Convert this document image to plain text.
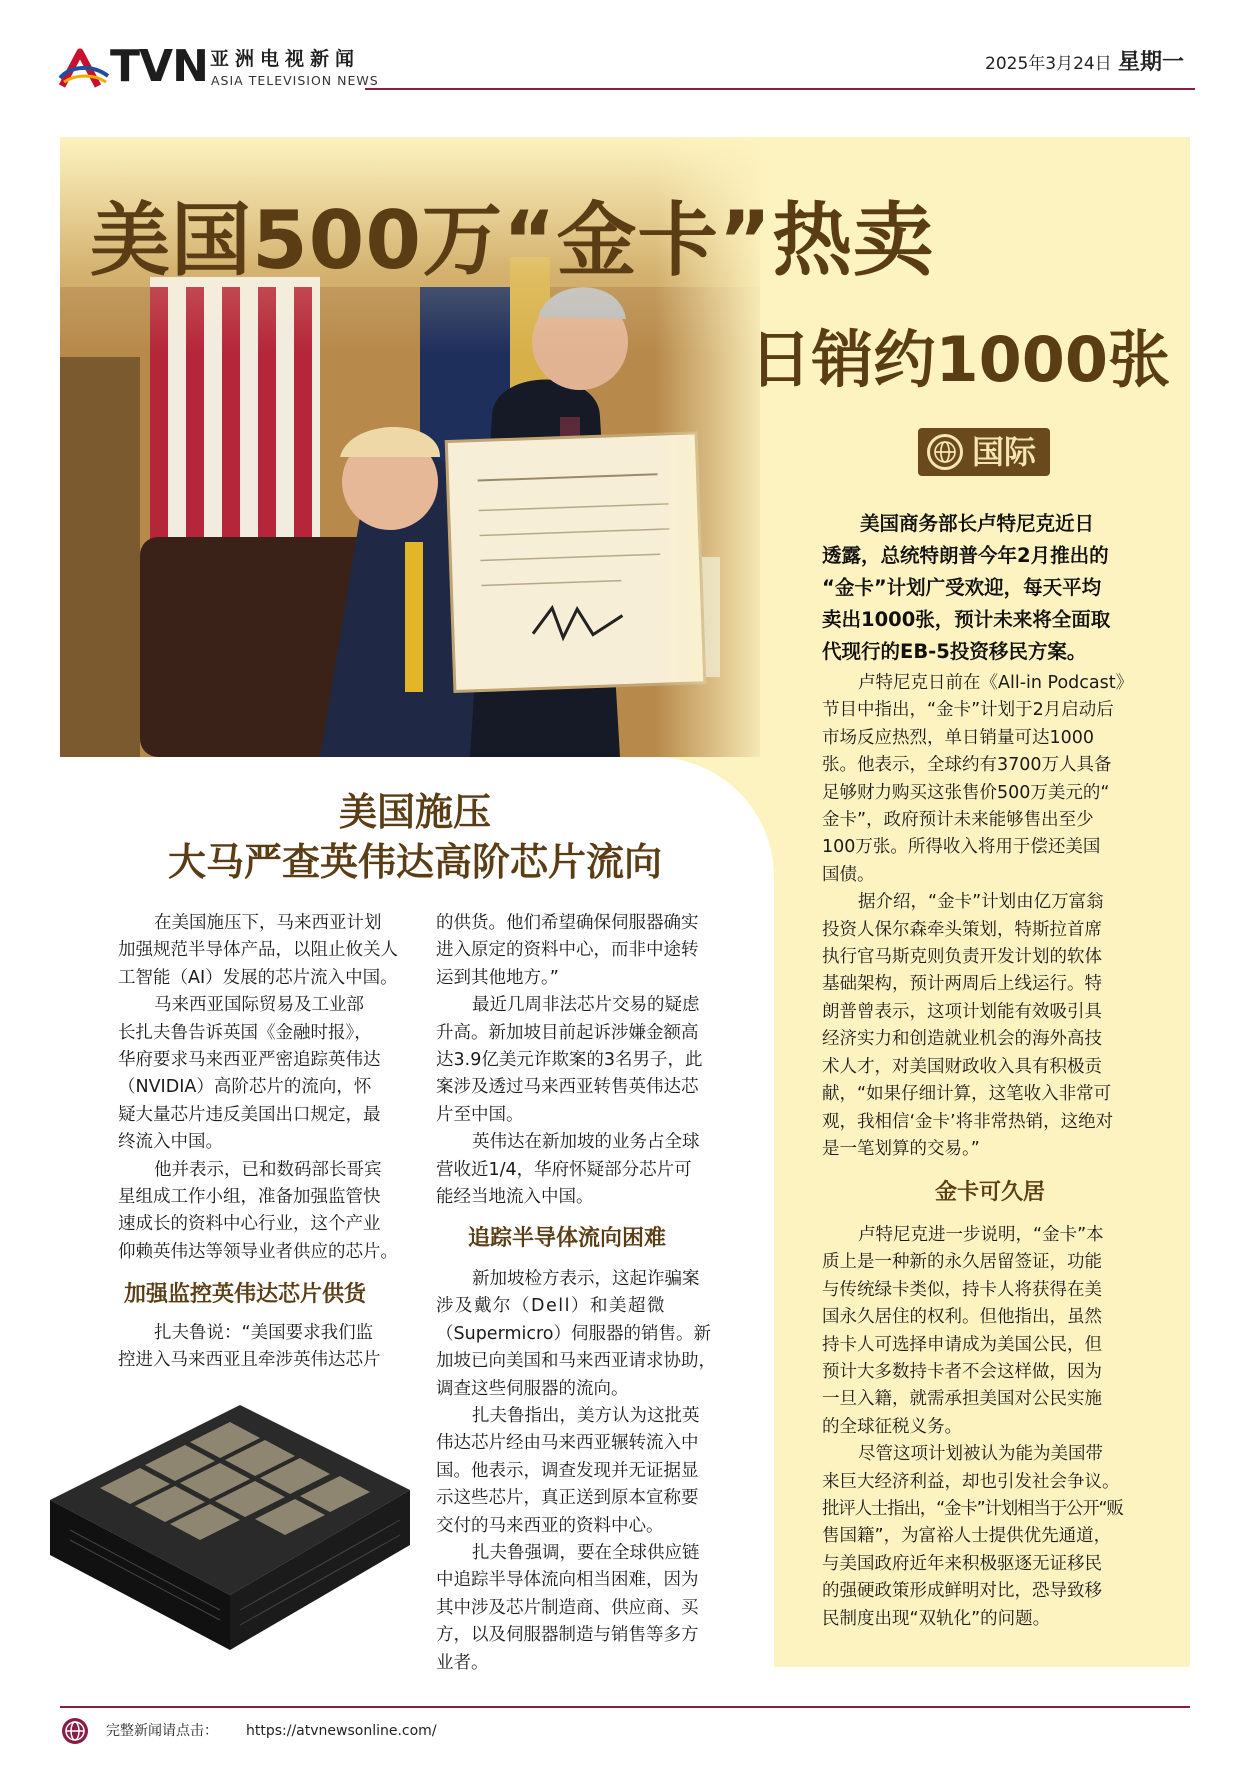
TVN 亚洲电视新闻
ASIA TELEVISION NEWS
2025年3月24日 星期一
美国500万“金卡”热卖
日销约1000张
国际
美国商务部长卢特尼克近日
透露，总统特朗普今年2月推出的
“金卡”计划广受欢迎，每天平均
卖出1000张，预计未来将全面取
代现行的EB-5投资移民方案。
卢特尼克日前在《All-in Podcast》
节目中指出，“金卡”计划于2月启动后
市场反应热烈，单日销量可达1000
张。他表示，全球约有3700万人具备
足够财力购买这张售价500万美元的“
金卡”，政府预计未来能够售出至少
100万张。所得收入将用于偿还美国
国债。
据介绍，“金卡”计划由亿万富翁
投资人保尔森牵头策划，特斯拉首席
执行官马斯克则负责开发计划的软体
基础架构，预计两周后上线运行。特
朗普曾表示，这项计划能有效吸引具
经济实力和创造就业机会的海外高技
术人才，对美国财政收入具有积极贡
献，“如果仔细计算，这笔收入非常可
观，我相信‘金卡’将非常热销，这绝对
是一笔划算的交易。”
金卡可久居
卢特尼克进一步说明，“金卡”本
质上是一种新的永久居留签证，功能
与传统绿卡类似，持卡人将获得在美
国永久居住的权利。但他指出，虽然
持卡人可选择申请成为美国公民，但
预计大多数持卡者不会这样做，因为
一旦入籍，就需承担美国对公民实施
的全球征税义务。
尽管这项计划被认为能为美国带
来巨大经济利益，却也引发社会争议。
批评人士指出，“金卡”计划相当于公开“贩
售国籍”，为富裕人士提供优先通道，
与美国政府近年来积极驱逐无证移民
的强硬政策形成鲜明对比，恐导致移
民制度出现“双轨化”的问题。
美国施压
大马严查英伟达高阶芯片流向
在美国施压下，马来西亚计划
加强规范半导体产品，以阻止攸关人
工智能（AI）发展的芯片流入中国。
马来西亚国际贸易及工业部
长扎夫鲁告诉英国《金融时报》，
华府要求马来西亚严密追踪英伟达
（NVIDIA）高阶芯片的流向，怀
疑大量芯片违反美国出口规定，最
终流入中国。
他并表示，已和数码部长哥宾
星组成工作小组，准备加强监管快
速成长的资料中心行业，这个产业
仰赖英伟达等领导业者供应的芯片。
加强监控英伟达芯片供货
扎夫鲁说：“美国要求我们监
控进入马来西亚且牵涉英伟达芯片
的供货。他们希望确保伺服器确实
进入原定的资料中心，而非中途转
运到其他地方。”
最近几周非法芯片交易的疑虑
升高。新加坡目前起诉涉嫌金额高
达3.9亿美元诈欺案的3名男子，此
案涉及透过马来西亚转售英伟达芯
片至中国。
英伟达在新加坡的业务占全球
营收近1/4，华府怀疑部分芯片可
能经当地流入中国。
追踪半导体流向困难
新加坡检方表示，这起诈骗案
涉及戴尔（Dell）和美超微
（Supermicro）伺服器的销售。新
加坡已向美国和马来西亚请求协助，
调查这些伺服器的流向。
扎夫鲁指出，美方认为这批英
伟达芯片经由马来西亚辗转流入中
国。他表示，调查发现并无证据显
示这些芯片，真正送到原本宣称要
交付的马来西亚的资料中心。
扎夫鲁强调，要在全球供应链
中追踪半导体流向相当困难，因为
其中涉及芯片制造商、供应商、买
方，以及伺服器制造与销售等多方
业者。
完整新闻请点击： https://atvnewsonline.com/
